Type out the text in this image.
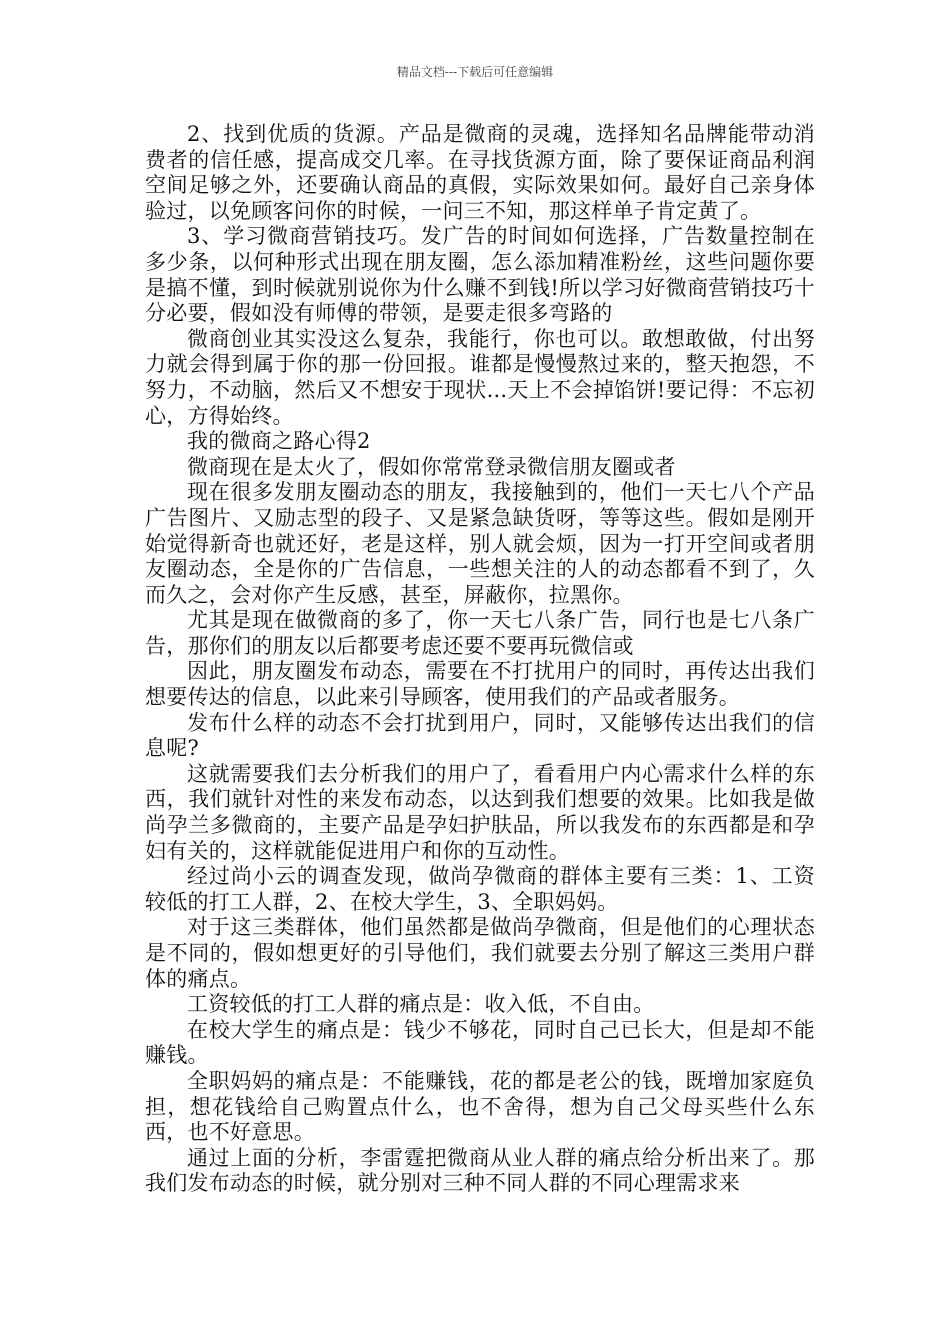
精品文档---下载后可任意编辑

2、找到优质的货源。产品是微商的灵魂，选择知名品牌能带动消费者的信任感，提高成交几率。在寻找货源方面，除了要保证商品利润空间足够之外，还要确认商品的真假，实际效果如何。最好自己亲身体验过，以免顾客问你的时候，一问三不知，那这样单子肯定黄了。

3、学习微商营销技巧。发广告的时间如何选择，广告数量控制在多少条，以何种形式出现在朋友圈，怎么添加精准粉丝，这些问题你要是搞不懂，到时候就别说你为什么赚不到钱!所以学习好微商营销技巧十分必要，假如没有师傅的带领，是要走很多弯路的

微商创业其实没这么复杂，我能行，你也可以。敢想敢做，付出努力就会得到属于你的那一份回报。谁都是慢慢熬过来的，整天抱怨，不努力，不动脑，然后又不想安于现状...天上不会掉馅饼!要记得：不忘初心，方得始终。

我的微商之路心得2

微商现在是太火了，假如你常常登录微信朋友圈或者

现在很多发朋友圈动态的朋友，我接触到的，他们一天七八个产品广告图片、又励志型的段子、又是紧急缺货呀，等等这些。假如是刚开始觉得新奇也就还好，老是这样，别人就会烦，因为一打开空间或者朋友圈动态，全是你的广告信息，一些想关注的人的动态都看不到了，久而久之，会对你产生反感，甚至，屏蔽你，拉黑你。

尤其是现在做微商的多了，你一天七八条广告，同行也是七八条广告，那你们的朋友以后都要考虑还要不要再玩微信或

因此，朋友圈发布动态，需要在不打扰用户的同时，再传达出我们想要传达的信息，以此来引导顾客，使用我们的产品或者服务。

发布什么样的动态不会打扰到用户，同时，又能够传达出我们的信息呢?

这就需要我们去分析我们的用户了，看看用户内心需求什么样的东西，我们就针对性的来发布动态，以达到我们想要的效果。比如我是做尚孕兰多微商的，主要产品是孕妇护肤品，所以我发布的东西都是和孕妇有关的，这样就能促进用户和你的互动性。

经过尚小云的调查发现，做尚孕微商的群体主要有三类：1、工资较低的打工人群，2、在校大学生，3、全职妈妈。

对于这三类群体，他们虽然都是做尚孕微商，但是他们的心理状态是不同的，假如想更好的引导他们，我们就要去分别了解这三类用户群体的痛点。

工资较低的打工人群的痛点是：收入低，不自由。

在校大学生的痛点是：钱少不够花，同时自己已长大，但是却不能赚钱。

全职妈妈的痛点是：不能赚钱，花的都是老公的钱，既增加家庭负担，想花钱给自己购置点什么，也不舍得，想为自己父母买些什么东西，也不好意思。

通过上面的分析，李雷霆把微商从业人群的痛点给分析出来了。那我们发布动态的时候，就分别对三种不同人群的不同心理需求来
